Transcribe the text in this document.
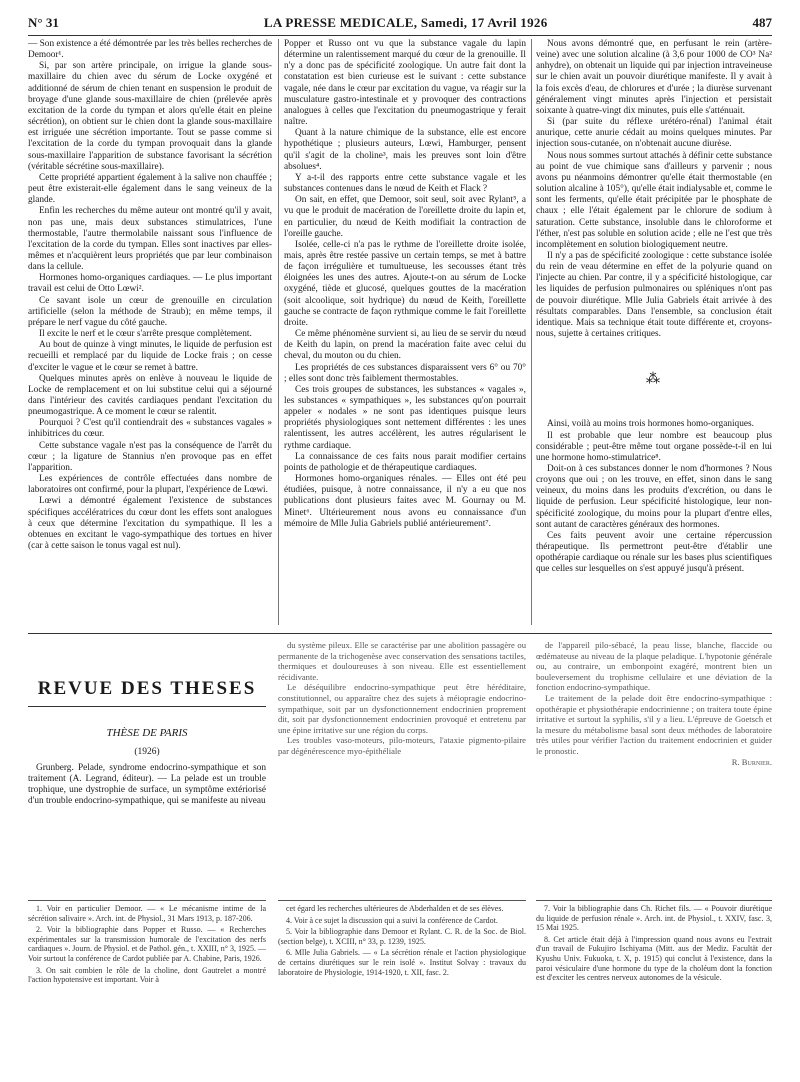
N° 31	LA PRESSE MEDICALE, Samedi, 17 Avril 1926	487

— Son existence a été démontrée par les très belles recherches de Demoor¹.

Si, par son artère principale, on irrigue la glande sous-maxillaire du chien avec du sérum de Locke oxygéné et additionné de sérum de chien tenant en suspension le produit de broyage d'une glande sous-maxillaire de chien (prélevée après excitation de la corde du tympan et alors qu'elle était en pleine sécrétion), on obtient sur le chien dont la glande sous-maxillaire est irriguée une sécrétion importante. Tout se passe comme si l'excitation de la corde du tympan provoquait dans la glande sous-maxillaire l'apparition de substance favorisant la sécrétion (véritable sécrétine sous-maxillaire).

Cette propriété appartient également à la salive non chauffée ; peut être existerait-elle également dans le sang veineux de la glande.

Enfin les recherches du même auteur ont montré qu'il y avait, non pas une, mais deux substances stimulatrices, l'une thermostable, l'autre thermolabile naissant sous l'influence de l'excitation de la corde du tympan. Elles sont inactives par elles-mêmes et n'acquièrent leurs propriétés que par leur combinaison dans la cellule.

Hormones homo-organiques cardiaques. — Le plus important travail est celui de Otto Lœwi².

Ce savant isole un cœur de grenouille en circulation artificielle (selon la méthode de Straub); en même temps, il prépare le nerf vague du côté gauche.

Il excite le nerf et le cœur s'arrête presque complètement.

Au bout de quinze à vingt minutes, le liquide de perfusion est recueilli et remplacé par du liquide de Locke frais ; on cesse d'exciter le vague et le cœur se remet à battre.

Quelques minutes après on enlève à nouveau le liquide de Locke de remplacement et on lui substitue celui qui a séjourné dans l'intérieur des cavités cardiaques pendant l'excitation du pneumogastrique. A ce moment le cœur se ralentit.

Pourquoi ? C'est qu'il contiendrait des « substances vagales » inhibitrices du cœur.

Cette substance vagale n'est pas la conséquence de l'arrêt du cœur ; la ligature de Stannius n'en provoque pas en effet l'apparition.

Les expériences de contrôle effectuées dans nombre de laboratoires ont confirmé, pour la plupart, l'expérience de Lœwi.

Lœwi a démontré également l'existence de substances spécifiques accélératrices du cœur dont les effets sont analogues à ceux que détermine l'excitation du sympathique. Il les a obtenues en excitant le vago-sympathique des tortues en hiver (car à cette saison le tonus vagal est nul).

Popper et Russo ont vu que la substance vagale du lapin détermine un ralentissement marqué du cœur de la grenouille. Il n'y a donc pas de spécificité zoologique. Un autre fait dont la constatation est bien curieuse est le suivant : cette substance vagale, née dans le cœur par excitation du vague, va réagir sur la musculature gastro-intestinale et y provoquer des contractions analogues à celles que l'excitation du pneumogastrique y ferait naître.

Quant à la nature chimique de la substance, elle est encore hypothétique ; plusieurs auteurs, Lœwi, Hamburger, pensent qu'il s'agit de la choline³, mais les preuves sont loin d'être absolues⁴.

Y a-t-il des rapports entre cette substance vagale et les substances contenues dans le nœud de Keith et Flack ?

On sait, en effet, que Demoor, soit seul, soit avec Rylant⁵, a vu que le produit de macération de l'oreillette droite du lapin et, en particulier, du nœud de Keith modifiait la contraction de l'oreille gauche.

Isolée, celle-ci n'a pas le rythme de l'oreillette droite isolée, mais, après être restée passive un certain temps, se met à battre de façon irrégulière et tumultueuse, les secousses étant très éloignées les unes des autres. Ajoute-t-on au sérum de Locke oxygéné, tiède et glucosé, quelques gouttes de la macération (soit alcoolique, soit hydrique) du nœud de Keith, l'oreillette gauche se contracte de façon rythmique comme le fait l'oreillette droite.

Ce même phénomène survient si, au lieu de se servir du nœud de Keith du lapin, on prend la macération faite avec celui du cheval, du mouton ou du chien.

Les propriétés de ces substances disparaissent vers 6° ou 70° ; elles sont donc très faiblement thermostables.

Ces trois groupes de substances, les substances « vagales », les substances « sympathiques », les substances qu'on pourrait appeler « nodales » ne sont pas identiques puisque leurs propriétés physiologiques sont nettement différentes : les unes ralentissent, les autres accélèrent, les autres régularisent le rythme cardiaque.

La connaissance de ces faits nous parait modifier certains points de pathologie et de thérapeutique cardiaques.

Hormones homo-organiques rénales. — Elles ont été peu étudiées, puisque, à notre connaissance, il n'y a eu que nos publications dont plusieurs faites avec M. Gournay ou M. Minet⁶. Ultérieurement nous avons eu connaissance d'un mémoire de Mlle Julia Gabriels publié antérieurement⁷.

Nous avons démontré que, en perfusant le rein (artère-veine) avec une solution alcaline (à 3,6 pour 1000 de CO³ Na² anhydre), on obtenait un liquide qui par injection intraveineuse sur le chien avait un pouvoir diurétique manifeste. Il y avait à la fois excès d'eau, de chlorures et d'urée ; la diurèse survenant généralement vingt minutes après l'injection et persistait soixante à quatre-vingt dix minutes, puis elle s'atténuait.

Si (par suite du réflexe urétéro-rénal) l'animal était anurique, cette anurie cédait au moins quelques minutes. Par injection sous-cutanée, on n'obtenait aucune diurèse.

Nous nous sommes surtout attachés à définir cette substance au point de vue chimique sans d'ailleurs y parvenir ; nous avons pu néanmoins démontrer qu'elle était thermostable (en solution alcaline à 105°), qu'elle était indialysable et, comme le sont les ferments, qu'elle était précipitée par le phosphate de chaux ; elle l'était également par le chlorure de sodium à saturation. Cette substance, insoluble dans le chloroforme et l'éther, n'est pas soluble en solution acide ; elle ne l'est que très incomplètement en solution biologiquement neutre.

Il n'y a pas de spécificité zoologique : cette substance isolée du rein de veau détermine en effet de la polyurie quand on l'injecte au chien. Par contre, il y a spécificité histologique, car les liquides de perfusion pulmonaires ou spléniques n'ont pas de pouvoir diurétique. Mlle Julia Gabriels était arrivée à des résultats comparables. Dans l'ensemble, sa conclusion était identique. Mais sa technique était toute différente et, croyons-nous, sujette à certaines critiques.

⁂

Ainsi, voilà au moins trois hormones homo-organiques.

Il est probable que leur nombre est beaucoup plus considérable ; peut-être même tout organe possède-t-il en lui une hormone homo-stimulatrice⁸.

Doit-on à ces substances donner le nom d'hormones ? Nous croyons que oui ; on les trouve, en effet, sinon dans le sang veineux, du moins dans les produits d'excrétion, ou dans le liquide de perfusion. Leur spécificité histologique, leur non-spécificité zoologique, du moins pour la plupart d'entre elles, sont autant de caractères généraux des hormones.

Ces faits peuvent avoir une certaine répercussion thérapeutique. Ils permettront peut-être d'établir une opothérapie cardiaque ou rénale sur les bases plus scientifiques que celles sur lesquelles on s'est appuyé jusqu'à présent.

REVUE DES THESES
THÈSE DE PARIS
(1926)
Grunberg. Pelade, syndrome endocrino-sympathique et son traitement (A. Legrand, éditeur). — La pelade est un trouble trophique, une dystrophie de surface, un symptôme extériorisé d'un trouble endocrino-sympathique, qui se manifeste au niveau

du système pileux. Elle se caractérise par une abolition passagère ou permanente de la trichogenèse avec conservation des sensations tactiles, thermiques et douloureuses à son niveau. Elle est essentiellement récidivante.

Le déséquilibre endocrino-sympathique peut être héréditaire, constitutionnel, ou apparaître chez des sujets à méiopragie endocrino-sympathique, soit par un dysfonctionnement endocrinien proprement dit, soit par dysfonctionnement endocrinien provoqué et entretenu par une épine irritative sur une région du corps.

Les troubles vaso-moteurs, pilo-moteurs, l'ataxie pigmento-pilaire par dégénérescence myo-épithéliale

de l'appareil pilo-sébacé, la peau lisse, blanche, flaccide ou œdémateuse au niveau de la plaque peladique. L'hypotonie générale ou, au contraire, un embonpoint exagéré, montrent bien un bouleversement du trophisme cellulaire et une déviation de la fonction endocrino-sympathique.

Le traitement de la pelade doit être endocrino-sympathique : opothérapie et physiothérapie endocrinienne ; on traitera toute épine irritative et surtout la syphilis, s'il y a lieu. L'épreuve de Goetsch et la mesure du métabolisme basal sont deux méthodes de laboratoire très utiles pour vérifier l'action du traitement endocrinien et guider le pronostic.

R. Burnier.

1. Voir en particulier Demoor. — « Le mécanisme intime de la sécrétion salivaire ». Arch. int. de Physiol., 31 Mars 1913, p. 187-206.

2. Voir la bibliographie dans Popper et Russo. — « Recherches expérimentales sur la transmission humorale de l'excitation des nerfs cardiaques ». Journ. de Physiol. et de Pathol. gén., t. XXIII, n° 3, 1925. — Voir surtout la conférence de Cardot publiée par A. Chabine, Paris, 1926.

3. On sait combien le rôle de la choline, dont Gautrelet a montré l'action hypotensive est important. Voir à

cet égard les recherches ultérieures de Abderhalden et de ses élèves.

4. Voir à ce sujet la discussion qui a suivi la conférence de Cardot.

5. Voir la bibliographie dans Demoor et Rylant. C. R. de la Soc. de Biol. (section belge), t. XCIII, n° 33, p. 1239, 1925.

6. Mlle Julia Gabriels. — « La sécrétion rénale et l'action physiologique de certains diurétiques sur le rein isolé ». Institut Solvay : travaux du laboratoire de Physiologie, 1914-1920, t. XII, fasc. 2.

7. Voir la bibliographie dans Ch. Richet fils. — « Pouvoir diurétique du liquide de perfusion rénale ». Arch. int. de Physiol., t. XXIV, fasc. 3, 15 Mai 1925.

8. Cet article était déjà à l'impression quand nous avons eu l'extrait d'un travail de Fukujiro Ischiyama (Mitt. aus der Mediz. Facultät der Kyushu Univ. Fukuoka, t. X, p. 1915) qui conclut à l'existence, dans la paroi vésiculaire d'une hormone du type de la choléum dont la fonction est d'exciter les centres nerveux autonomes de la vésicule.
